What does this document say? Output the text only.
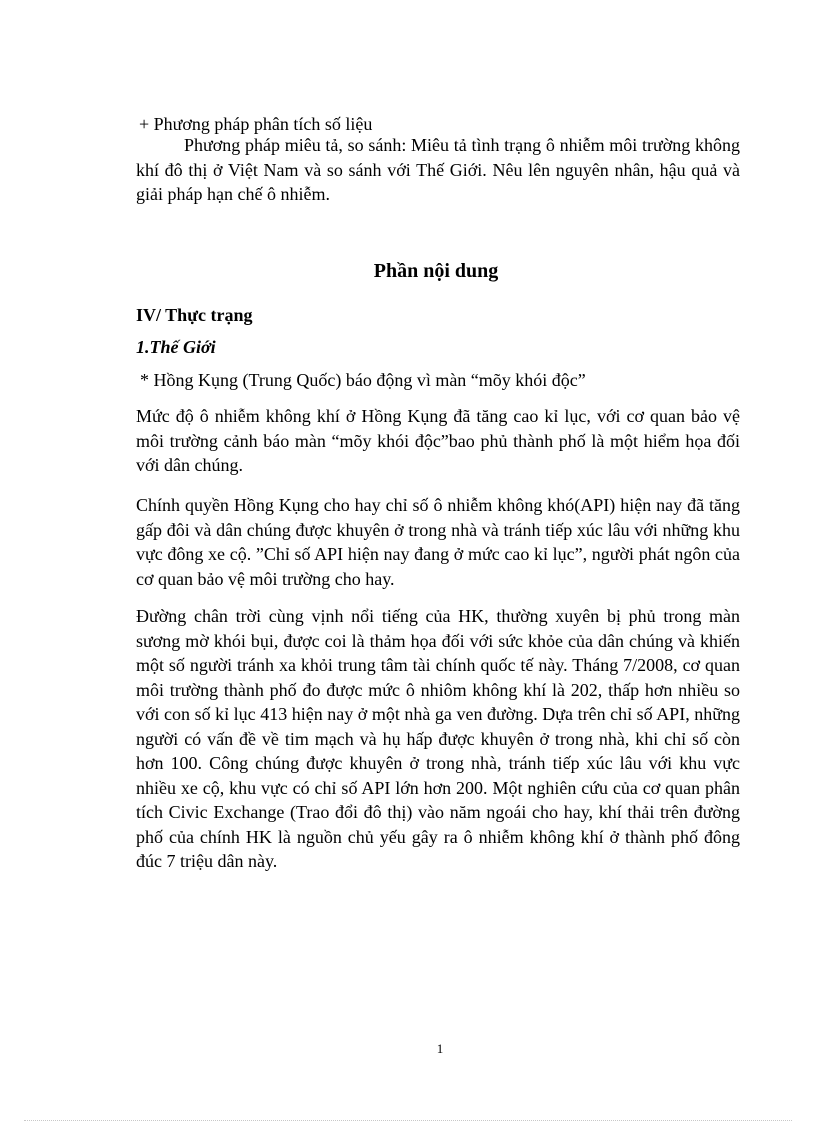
+ Phương pháp phân tích số liệu

Phương pháp miêu tả, so sánh: Miêu tả tình trạng ô nhiễm môi trường không khí đô thị ở Việt Nam và so sánh với Thế Giới. Nêu lên nguyên nhân, hậu quả và giải pháp hạn chế ô nhiễm.

Phần nội dung
IV/ Thực trạng
1.Thế Giới

* Hồng Kụng (Trung Quốc) báo động vì màn “mõy khói độc”

Mức độ ô nhiễm không khí ở Hồng Kụng đã tăng cao kỉ lục, với cơ quan bảo vệ môi trường cảnh báo màn “mõy khói độc”bao phủ thành phố là một hiểm họa đối với dân chúng.

Chính quyền Hồng Kụng cho hay chỉ số ô nhiễm không khó(API) hiện nay đã tăng gấp đôi và dân chúng được khuyên ở trong nhà và tránh tiếp xúc lâu với những khu vực đông xe cộ. ”Chỉ số API hiện nay đang ở mức cao kỉ lục”, người phát ngôn của cơ quan bảo vệ môi trường cho hay.

Đường chân trời cùng vịnh nổi tiếng của HK, thường xuyên bị phủ trong màn sương mờ khói bụi, được coi là thảm họa đối với sức khỏe của dân chúng và khiến một số người tránh xa khỏi trung tâm tài chính quốc tế này. Tháng 7/2008, cơ quan môi trường thành phố đo được mức ô nhiôm không khí là 202, thấp hơn nhiều so với con số kỉ lục 413 hiện nay ở một nhà ga ven đường. Dựa trên chỉ số API, những người có vấn đề về tim mạch và hụ hấp được khuyên ở trong nhà, khi chỉ số còn hơn 100. Công chúng được khuyên ở trong nhà, tránh tiếp xúc lâu với khu vực nhiều xe cộ, khu vực có chỉ số API lớn hơn 200. Một nghiên cứu của cơ quan phân tích Civic Exchange (Trao đổi đô thị) vào năm ngoái cho hay, khí thải trên đường phố của chính HK là nguồn chủ yếu gây ra ô nhiễm không khí ở thành phố đông đúc 7 triệu dân này.

1
